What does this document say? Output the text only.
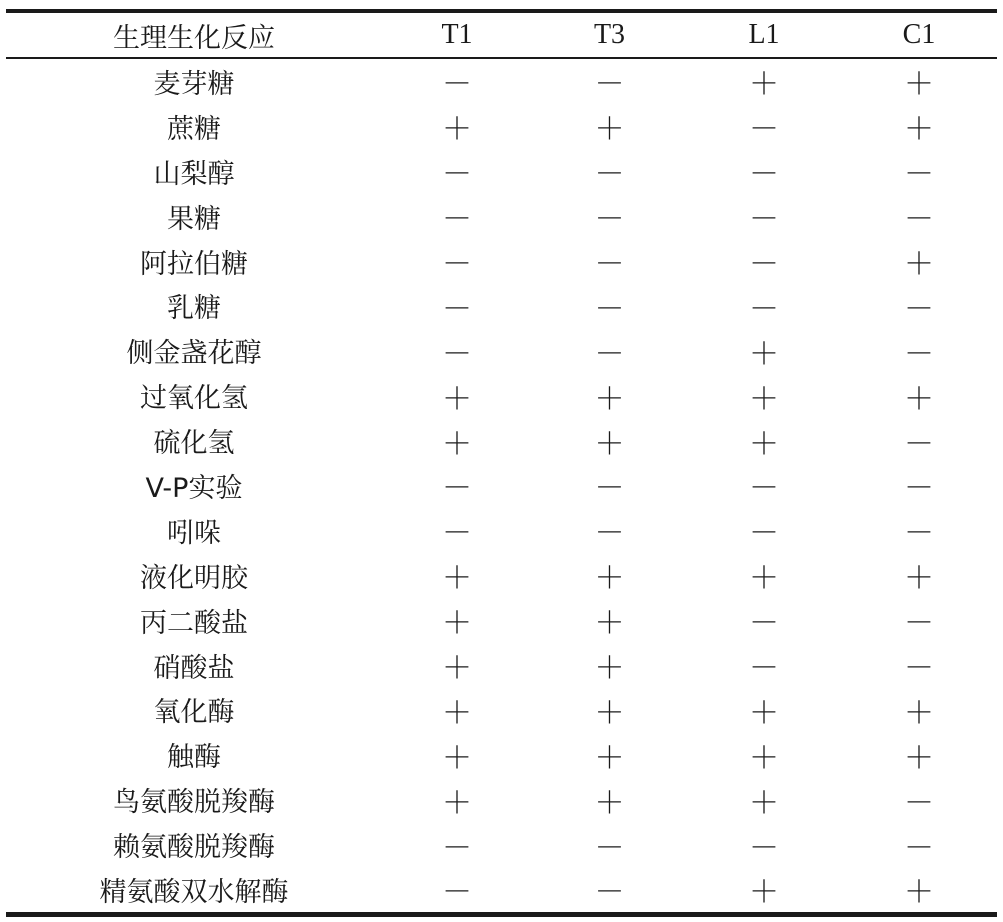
生理生化反应	T1	T3	L1	C1
麦芽糖	－	－	＋	＋
蔗糖	＋	＋	－	＋
山梨醇	－	－	－	－
果糖	－	－	－	－
阿拉伯糖	－	－	－	＋
乳糖	－	－	－	－
侧金盏花醇	－	－	＋	－
过氧化氢	＋	＋	＋	＋
硫化氢	＋	＋	＋	－
V-P实验	－	－	－	－
吲哚	－	－	－	－
液化明胶	＋	＋	＋	＋
丙二酸盐	＋	＋	－	－
硝酸盐	＋	＋	－	－
氧化酶	＋	＋	＋	＋
触酶	＋	＋	＋	＋
鸟氨酸脱羧酶	＋	＋	＋	－
赖氨酸脱羧酶	－	－	－	－
精氨酸双水解酶	－	－	＋	＋
